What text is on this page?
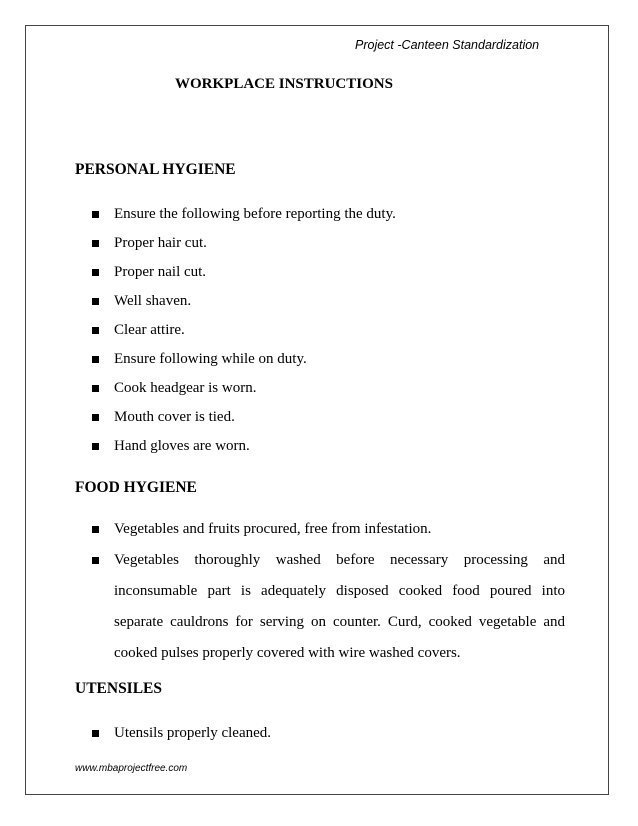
Project -Canteen Standardization
WORKPLACE INSTRUCTIONS
PERSONAL HYGIENE
Ensure the following before reporting the duty.
Proper hair cut.
Proper nail cut.
Well shaven.
Clear attire.
Ensure following while on duty.
Cook headgear is worn.
Mouth cover is tied.
Hand gloves are worn.
FOOD HYGIENE
Vegetables and fruits procured, free from infestation.
Vegetables thoroughly washed before necessary processing and inconsumable part is adequately disposed cooked food poured into separate cauldrons for serving on counter. Curd, cooked vegetable and cooked pulses properly covered with wire washed covers.
UTENSILES
Utensils properly cleaned.
www.mbaprojectfree.com
